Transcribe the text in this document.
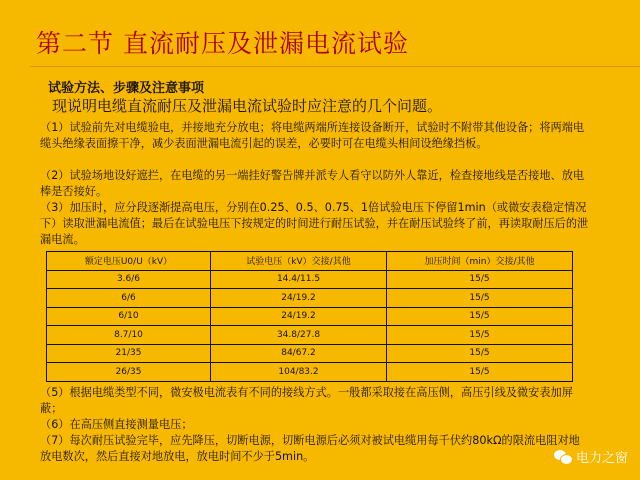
第二节 直流耐压及泄漏电流试验
试验方法、步骤及注意事项
现说明电缆直流耐压及泄漏电流试验时应注意的几个问题。

（1）试验前先对电缆验电，并接地充分放电；将电缆两端所连接设备断开，试验时不附带其他设备；将两端电缆头绝缘表面擦干净，减少表面泄漏电流引起的误差，必要时可在电缆头相间设绝缘挡板。

（2）试验场地设好遮拦，在电缆的另一端挂好警告牌并派专人看守以防外人靠近，检查接地线是否接地、放电棒是否接好。

（3）加压时，应分段逐渐提高电压，分别在0.25、0.5、0.75、1倍试验电压下停留1min（或微安表稳定情况下）读取泄漏电流值；最后在试验电压下按规定的时间进行耐压试验，并在耐压试验终了前，再读取耐压后的泄漏电流。

额定电压U0/U（kV）	试验电压（kV）交接/其他	加压时间（min）交接/其他
3.6/6	14.4/11.5	15/5
6/6	24/19.2	15/5
6/10	24/19.2	15/5
8.7/10	34.8/27.8	15/5
21/35	84/67.2	15/5
26/35	104/83.2	15/5

（5）根据电缆类型不同，微安极电流表有不同的接线方式。一般都采取接在高压侧，高压引线及微安表加屏蔽；

（6）在高压侧直接测量电压；

（7）每次耐压试验完毕，应先降压，切断电源，切断电源后必须对被试电缆用每千伏约80kΩ的限流电阻对地放电数次，然后直接对地放电，放电时间不少于5min。	电力之窗
